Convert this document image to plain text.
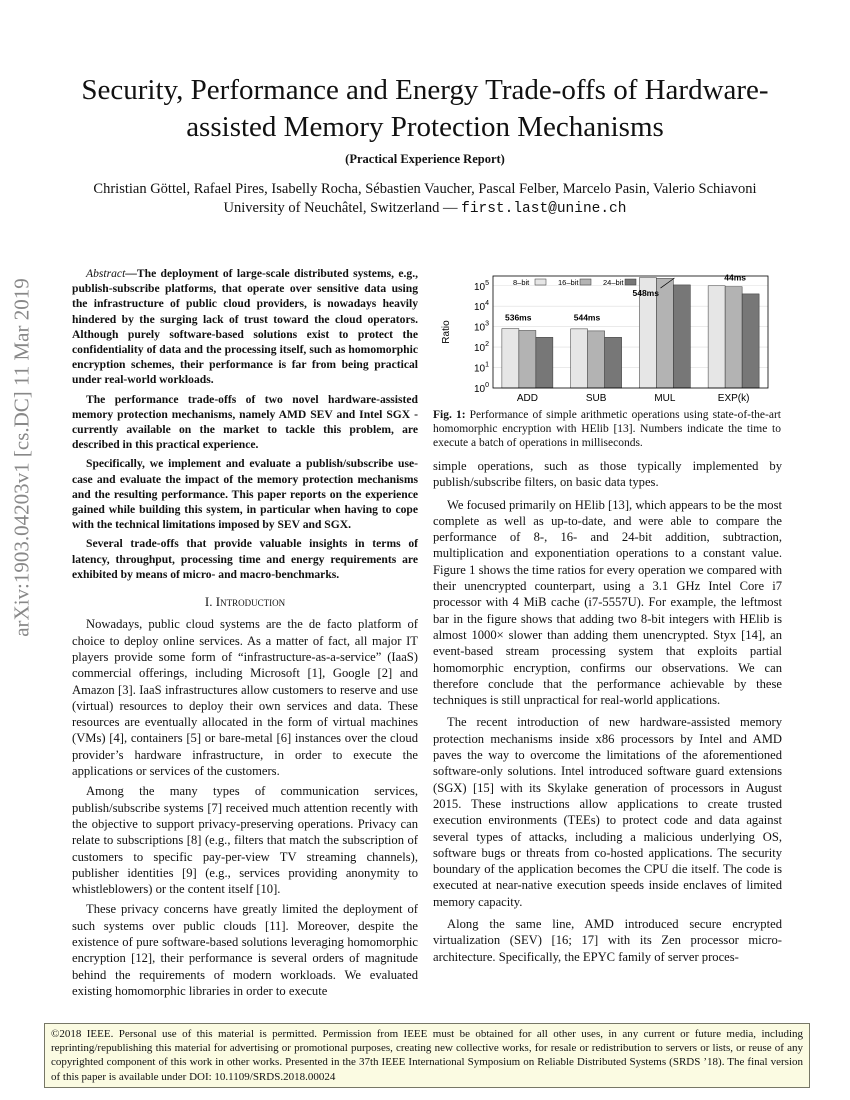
arXiv:1903.04203v1 [cs.DC] 11 Mar 2019
Security, Performance and Energy Trade-offs of Hardware-assisted Memory Protection Mechanisms
(Practical Experience Report)
Christian Göttel, Rafael Pires, Isabelly Rocha, Sébastien Vaucher, Pascal Felber, Marcelo Pasin, Valerio Schiavoni
University of Neuchâtel, Switzerland — first.last@unine.ch

Abstract—The deployment of large-scale distributed systems, e.g., publish-subscribe platforms, that operate over sensitive data using the infrastructure of public cloud providers, is nowadays heavily hindered by the surging lack of trust toward the cloud operators. Although purely software-based solutions exist to protect the confidentiality of data and the processing itself, such as homomorphic encryption schemes, their performance is far from being practical under real-world workloads.

The performance trade-offs of two novel hardware-assisted memory protection mechanisms, namely AMD SEV and Intel SGX - currently available on the market to tackle this problem, are described in this practical experience.

Specifically, we implement and evaluate a publish/subscribe use-case and evaluate the impact of the memory protection mechanisms and the resulting performance. This paper reports on the experience gained while building this system, in particular when having to cope with the technical limitations imposed by SEV and SGX.

Several trade-offs that provide valuable insights in terms of latency, throughput, processing time and energy requirements are exhibited by means of micro- and macro-benchmarks.

I. Introduction

Nowadays, public cloud systems are the de facto platform of choice to deploy online services. As a matter of fact, all major IT players provide some form of “infrastructure-as-a-service” (IaaS) commercial offerings, including Microsoft [1], Google [2] and Amazon [3]. IaaS infrastructures allow customers to reserve and use (virtual) resources to deploy their own services and data. These resources are eventually allocated in the form of virtual machines (VMs) [4], containers [5] or bare-metal [6] instances over the cloud provider’s hardware infrastructure, in order to execute the applications or services of the customers.

Among the many types of communication services, publish/subscribe systems [7] received much attention recently with the objective to support privacy-preserving operations. Privacy can relate to subscriptions [8] (e.g., filters that match the subscription of customers to specific pay-per-view TV streaming channels), publisher identities [9] (e.g., services providing anonymity to whistleblowers) or the content itself [10].

These privacy concerns have greatly limited the deployment of such systems over public clouds [11]. Moreover, despite the existence of pure software-based solutions leveraging homomorphic encryption [12], their performance is several orders of magnitude behind the requirements of modern workloads. We evaluated existing homomorphic libraries in order to execute

$10^0$
$10^1$
$10^2$
$10^3$
$10^4$
$10^5$
Ratio
ADD	SUB	MUL	EXP(k)
536ms	544ms
548ms
44ms
8–bit	16–bit	24–bit
Fig. 1: Performance of simple arithmetic operations using state-of-the-art homomorphic encryption with HElib [13]. Numbers indicate the time to execute a batch of operations in milliseconds.

simple operations, such as those typically implemented by publish/subscribe filters, on basic data types.

We focused primarily on HElib [13], which appears to be the most complete as well as up-to-date, and were able to compare the performance of 8-, 16- and 24-bit addition, subtraction, multiplication and exponentiation operations to a constant value. Figure 1 shows the time ratios for every operation we compared with their unencrypted counterpart, using a 3.1 GHz Intel Core i7 processor with 4 MiB cache (i7-5557U). For example, the leftmost bar in the figure shows that adding two 8-bit integers with HElib is almost 1000× slower than adding them unencrypted. Styx [14], an event-based stream processing system that exploits partial homomorphic encryption, confirms our observations. We can therefore conclude that the performance achievable by these techniques is still unpractical for real-world applications.

The recent introduction of new hardware-assisted memory protection mechanisms inside x86 processors by Intel and AMD paves the way to overcome the limitations of the aforementioned software-only solutions. Intel introduced software guard extensions (SGX) [15] with its Skylake generation of processors in August 2015. These instructions allow applications to create trusted execution environments (TEEs) to protect code and data against several types of attacks, including a malicious underlying OS, software bugs or threats from co-hosted applications. The security boundary of the application becomes the CPU die itself. The code is executed at near-native execution speeds inside enclaves of limited memory capacity.

Along the same line, AMD introduced secure encrypted virtualization (SEV) [16; 17] with its Zen processor micro-architecture. Specifically, the EPYC family of server proces-

©2018 IEEE. Personal use of this material is permitted. Permission from IEEE must be obtained for all other uses, in any current or future media, including reprinting/republishing this material for advertising or promotional purposes, creating new collective works, for resale or redistribution to servers or lists, or reuse of any copyrighted component of this work in other works. Presented in the 37th IEEE International Symposium on Reliable Distributed Systems (SRDS ’18). The final version of this paper is available under DOI: 10.1109/SRDS.2018.00024
